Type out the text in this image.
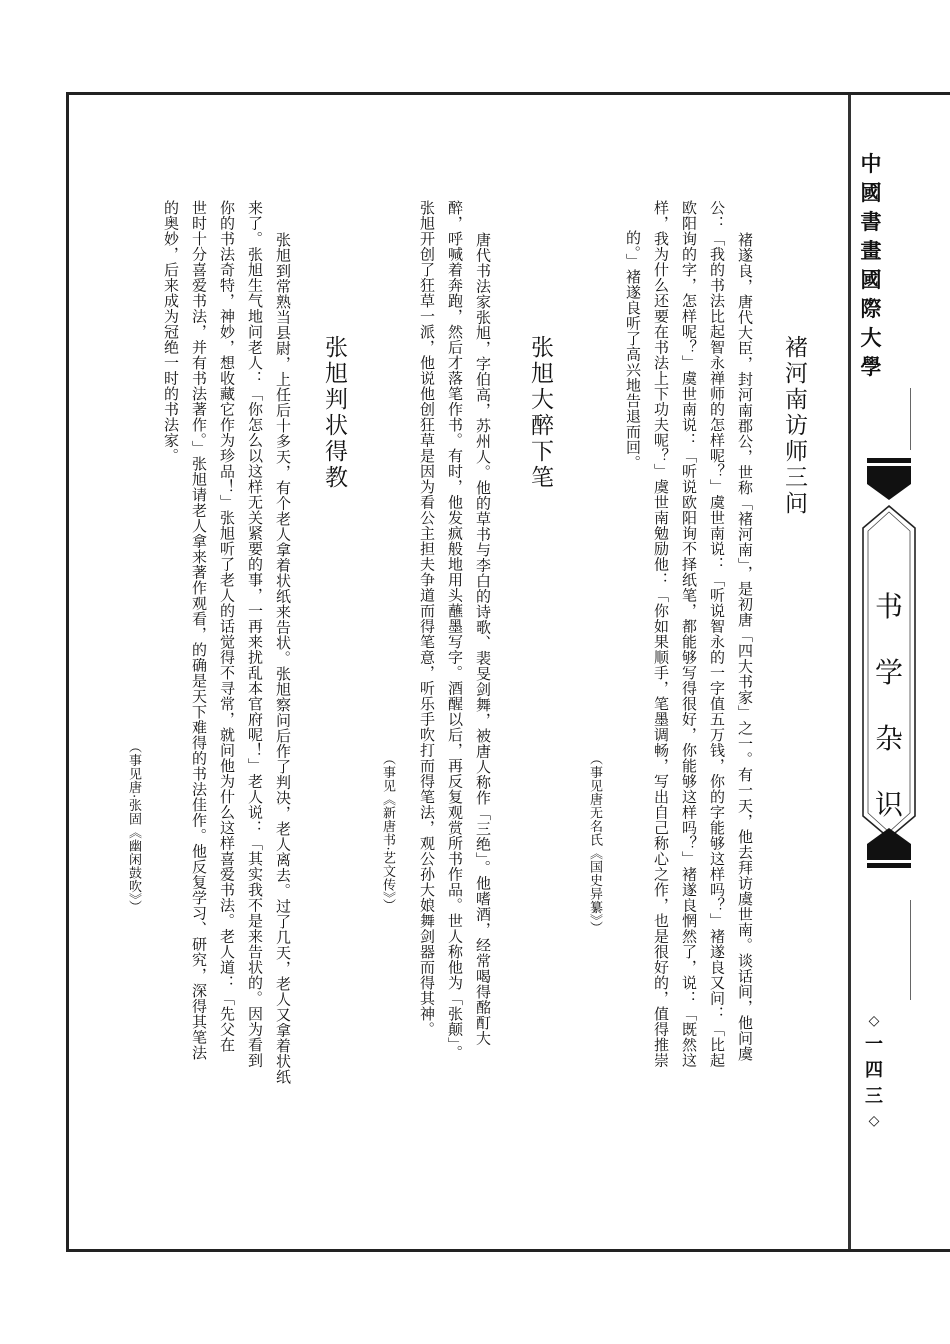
中
國
書
畫
國
際
大
學
书
学
杂
识
◇
一
四
三
◇
褚河南访师三问
褚遂良，唐代大臣，封河南郡公，世称「褚河南」，是初唐「四大书家」之一。有一天，他去拜访虞世南。谈话间，他问虞
公：「我的书法比起智永禅师的怎样呢？」虞世南说：「听说智永的一字值五万钱，你的字能够这样吗？」褚遂良又问：「比起
欧阳询的字，怎样呢？」虞世南说：「听说欧阳询不择纸笔，都能够写得很好，你能够这样吗？」褚遂良惘然了，说：「既然这
样，我为什么还要在书法上下功夫呢？」虞世南勉励他：「你如果顺手，笔墨调畅，写出自己称心之作，也是很好的，值得推崇
的。」褚遂良听了高兴地告退而回。
（事见唐无名氏《国史异纂》）
张旭大醉下笔
唐代书法家张旭，字伯高，苏州人。他的草书与李白的诗歌、裴旻剑舞，被唐人称作「三绝」。他嗜酒，经常喝得酩酊大
醉，呼喊着奔跑，然后才落笔作书。有时，他发疯般地用头蘸墨写字。酒醒以后，再反复观赏所书作品。世人称他为「张颠」。
张旭开创了狂草一派，他说他创狂草是因为看公主担夫争道而得笔意，听乐手吹打而得笔法，观公孙大娘舞剑器而得其神。
（事见《新唐书·艺文传》）
张旭判状得教
张旭到常熟当县尉，上任后十多天，有个老人拿着状纸来告状。张旭察问后作了判决，老人离去。过了几天，老人又拿着状纸
来了。张旭生气地问老人：「你怎么以这样无关紧要的事，一再来扰乱本官府呢！」老人说：「其实我不是来告状的。因为看到
你的书法奇特，神妙，想收藏它作为珍品！」张旭听了老人的话觉得不寻常，就问他为什么这样喜爱书法。老人道：「先父在
世时十分喜爱书法，并有书法著作。」张旭请老人拿来著作观看，的确是天下难得的书法佳作。他反复学习、研究，深得其笔法
的奥妙，后来成为冠绝一时的书法家。
（事见唐·张固《幽闲鼓吹》）
